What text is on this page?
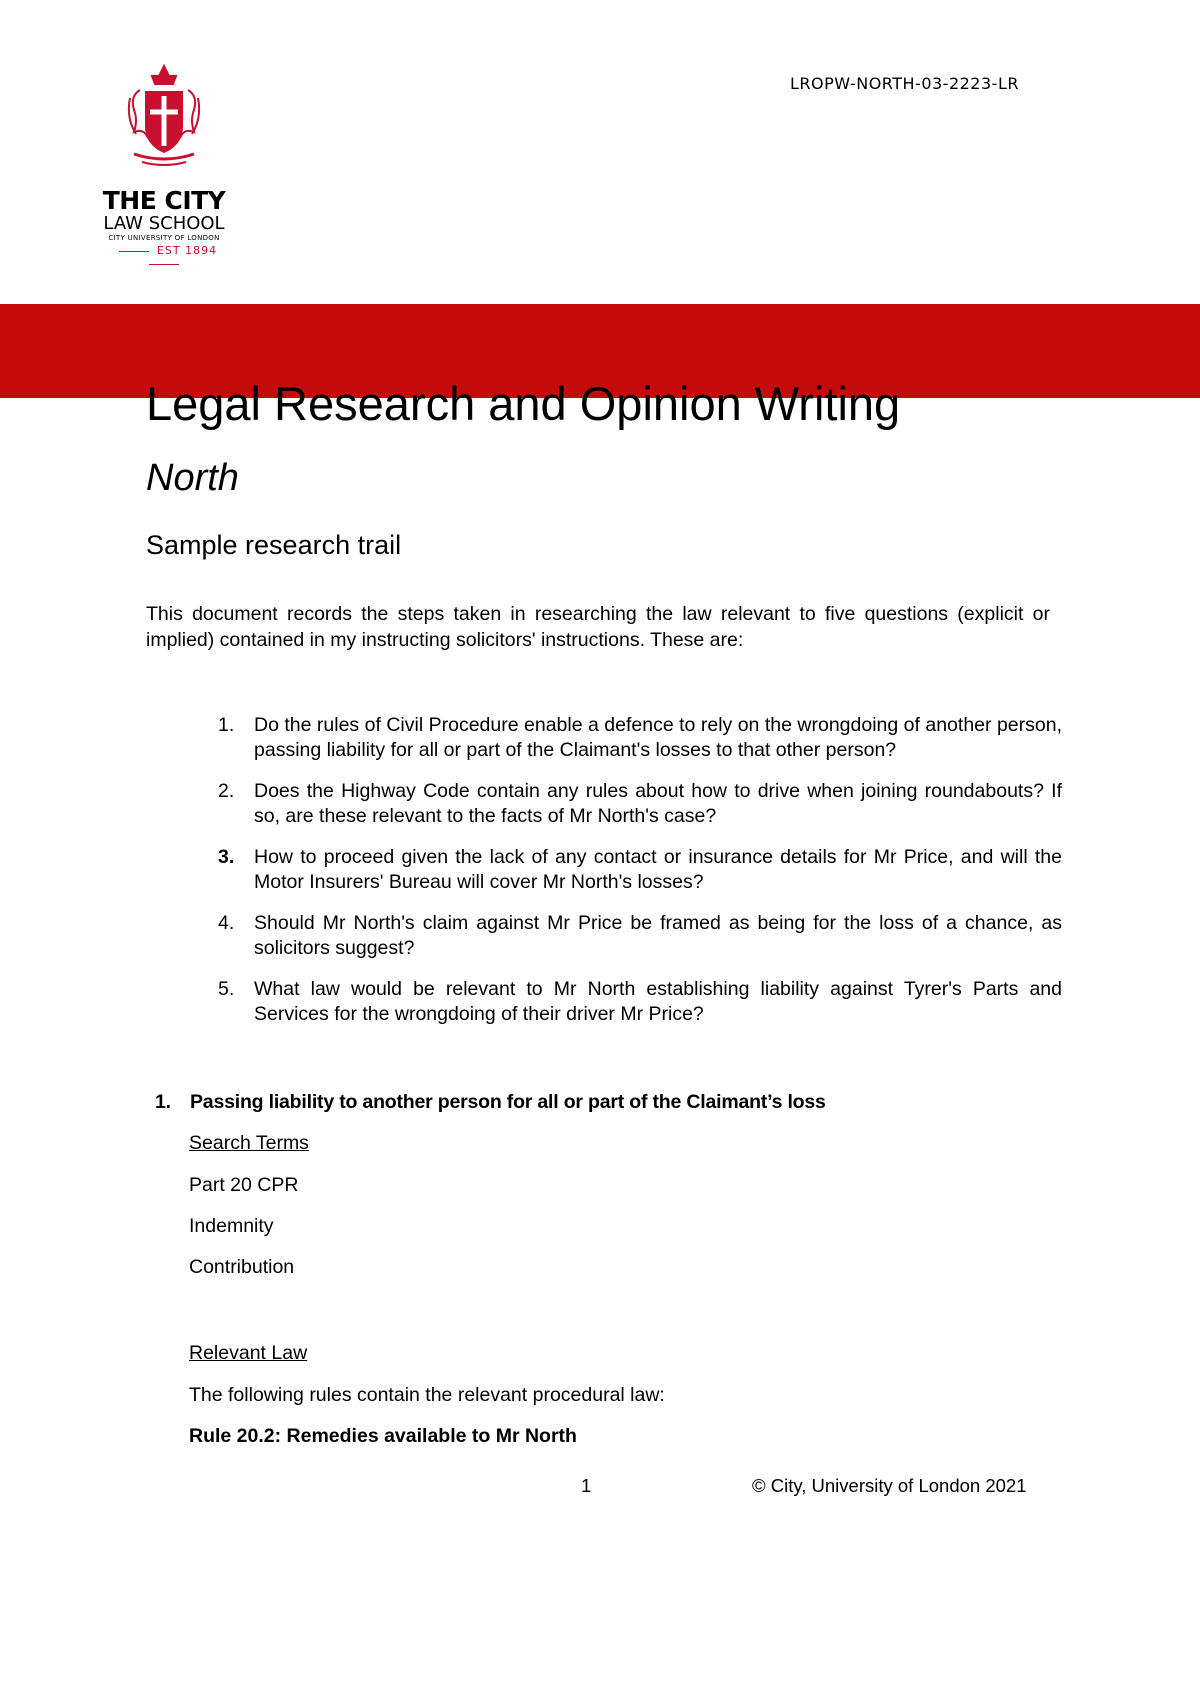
LROPW-NORTH-03-2223-LR
THE CITY
LAW SCHOOL
CITY UNIVERSITY OF LONDON
EST 1894
Legal Research and Opinion Writing
North
Sample research trail

This document records the steps taken in researching the law relevant to five questions (explicit or implied) contained in my instructing solicitors' instructions. These are:

1. Do the rules of Civil Procedure enable a defence to rely on the wrongdoing of another person, passing liability for all or part of the Claimant's losses to that other person?
2. Does the Highway Code contain any rules about how to drive when joining roundabouts? If so, are these relevant to the facts of Mr North's case?
3. How to proceed given the lack of any contact or insurance details for Mr Price, and will the Motor Insurers' Bureau will cover Mr North's losses?
4. Should Mr North's claim against Mr Price be framed as being for the loss of a chance, as solicitors suggest?
5. What law would be relevant to Mr North establishing liability against Tyrer's Parts and Services for the wrongdoing of their driver Mr Price?
1. Passing liability to another person for all or part of the Claimant’s loss
Search Terms
Part 20 CPR
Indemnity
Contribution
Relevant Law
The following rules contain the relevant procedural law:
Rule 20.2: Remedies available to Mr North
1	© City, University of London 2021
